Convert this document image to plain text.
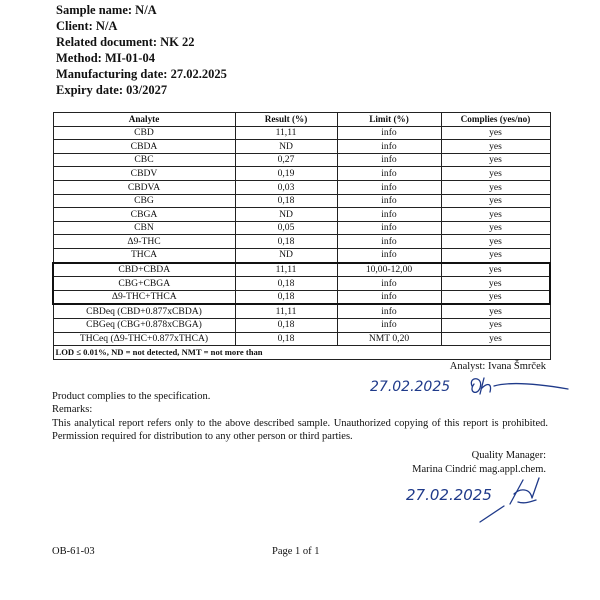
Sample name: N/A
Client: N/A
Related document: NK 22
Method: MI-01-04
Manufacturing date: 27.02.2025
Expiry date: 03/2027
Analyte	Result (%)	Limit (%)	Complies (yes/no)
CBD	11,11	info	yes
CBDA	ND	info	yes
CBC	0,27	info	yes
CBDV	0,19	info	yes
CBDVA	0,03	info	yes
CBG	0,18	info	yes
CBGA	ND	info	yes
CBN	0,05	info	yes
Δ9-THC	0,18	info	yes
THCA	ND	info	yes
CBD+CBDA	11,11	10,00-12,00	yes
CBG+CBGA	0,18	info	yes
Δ9-THC+THCA	0,18	info	yes
CBDeq (CBD+0.877xCBDA)	11,11	info	yes
CBGeq (CBG+0.878xCBGA)	0,18	info	yes
THCeq (Δ9-THC+0.877xTHCA)	0,18	NMT 0,20	yes
LOD ≤ 0.01%, ND = not detected, NMT = not more than			
Analyst: Ivana Šmrček
27.02.2025

Product complies to the specification.

Remarks:

This analytical report refers only to the above described sample. Unauthorized copying of this report is prohibited. Permission required for distribution to any other person or third parties.

Quality Manager:
Marina Cindrić mag.appl.chem.
27.02.2025
OB-61-03	Page 1 of 1
